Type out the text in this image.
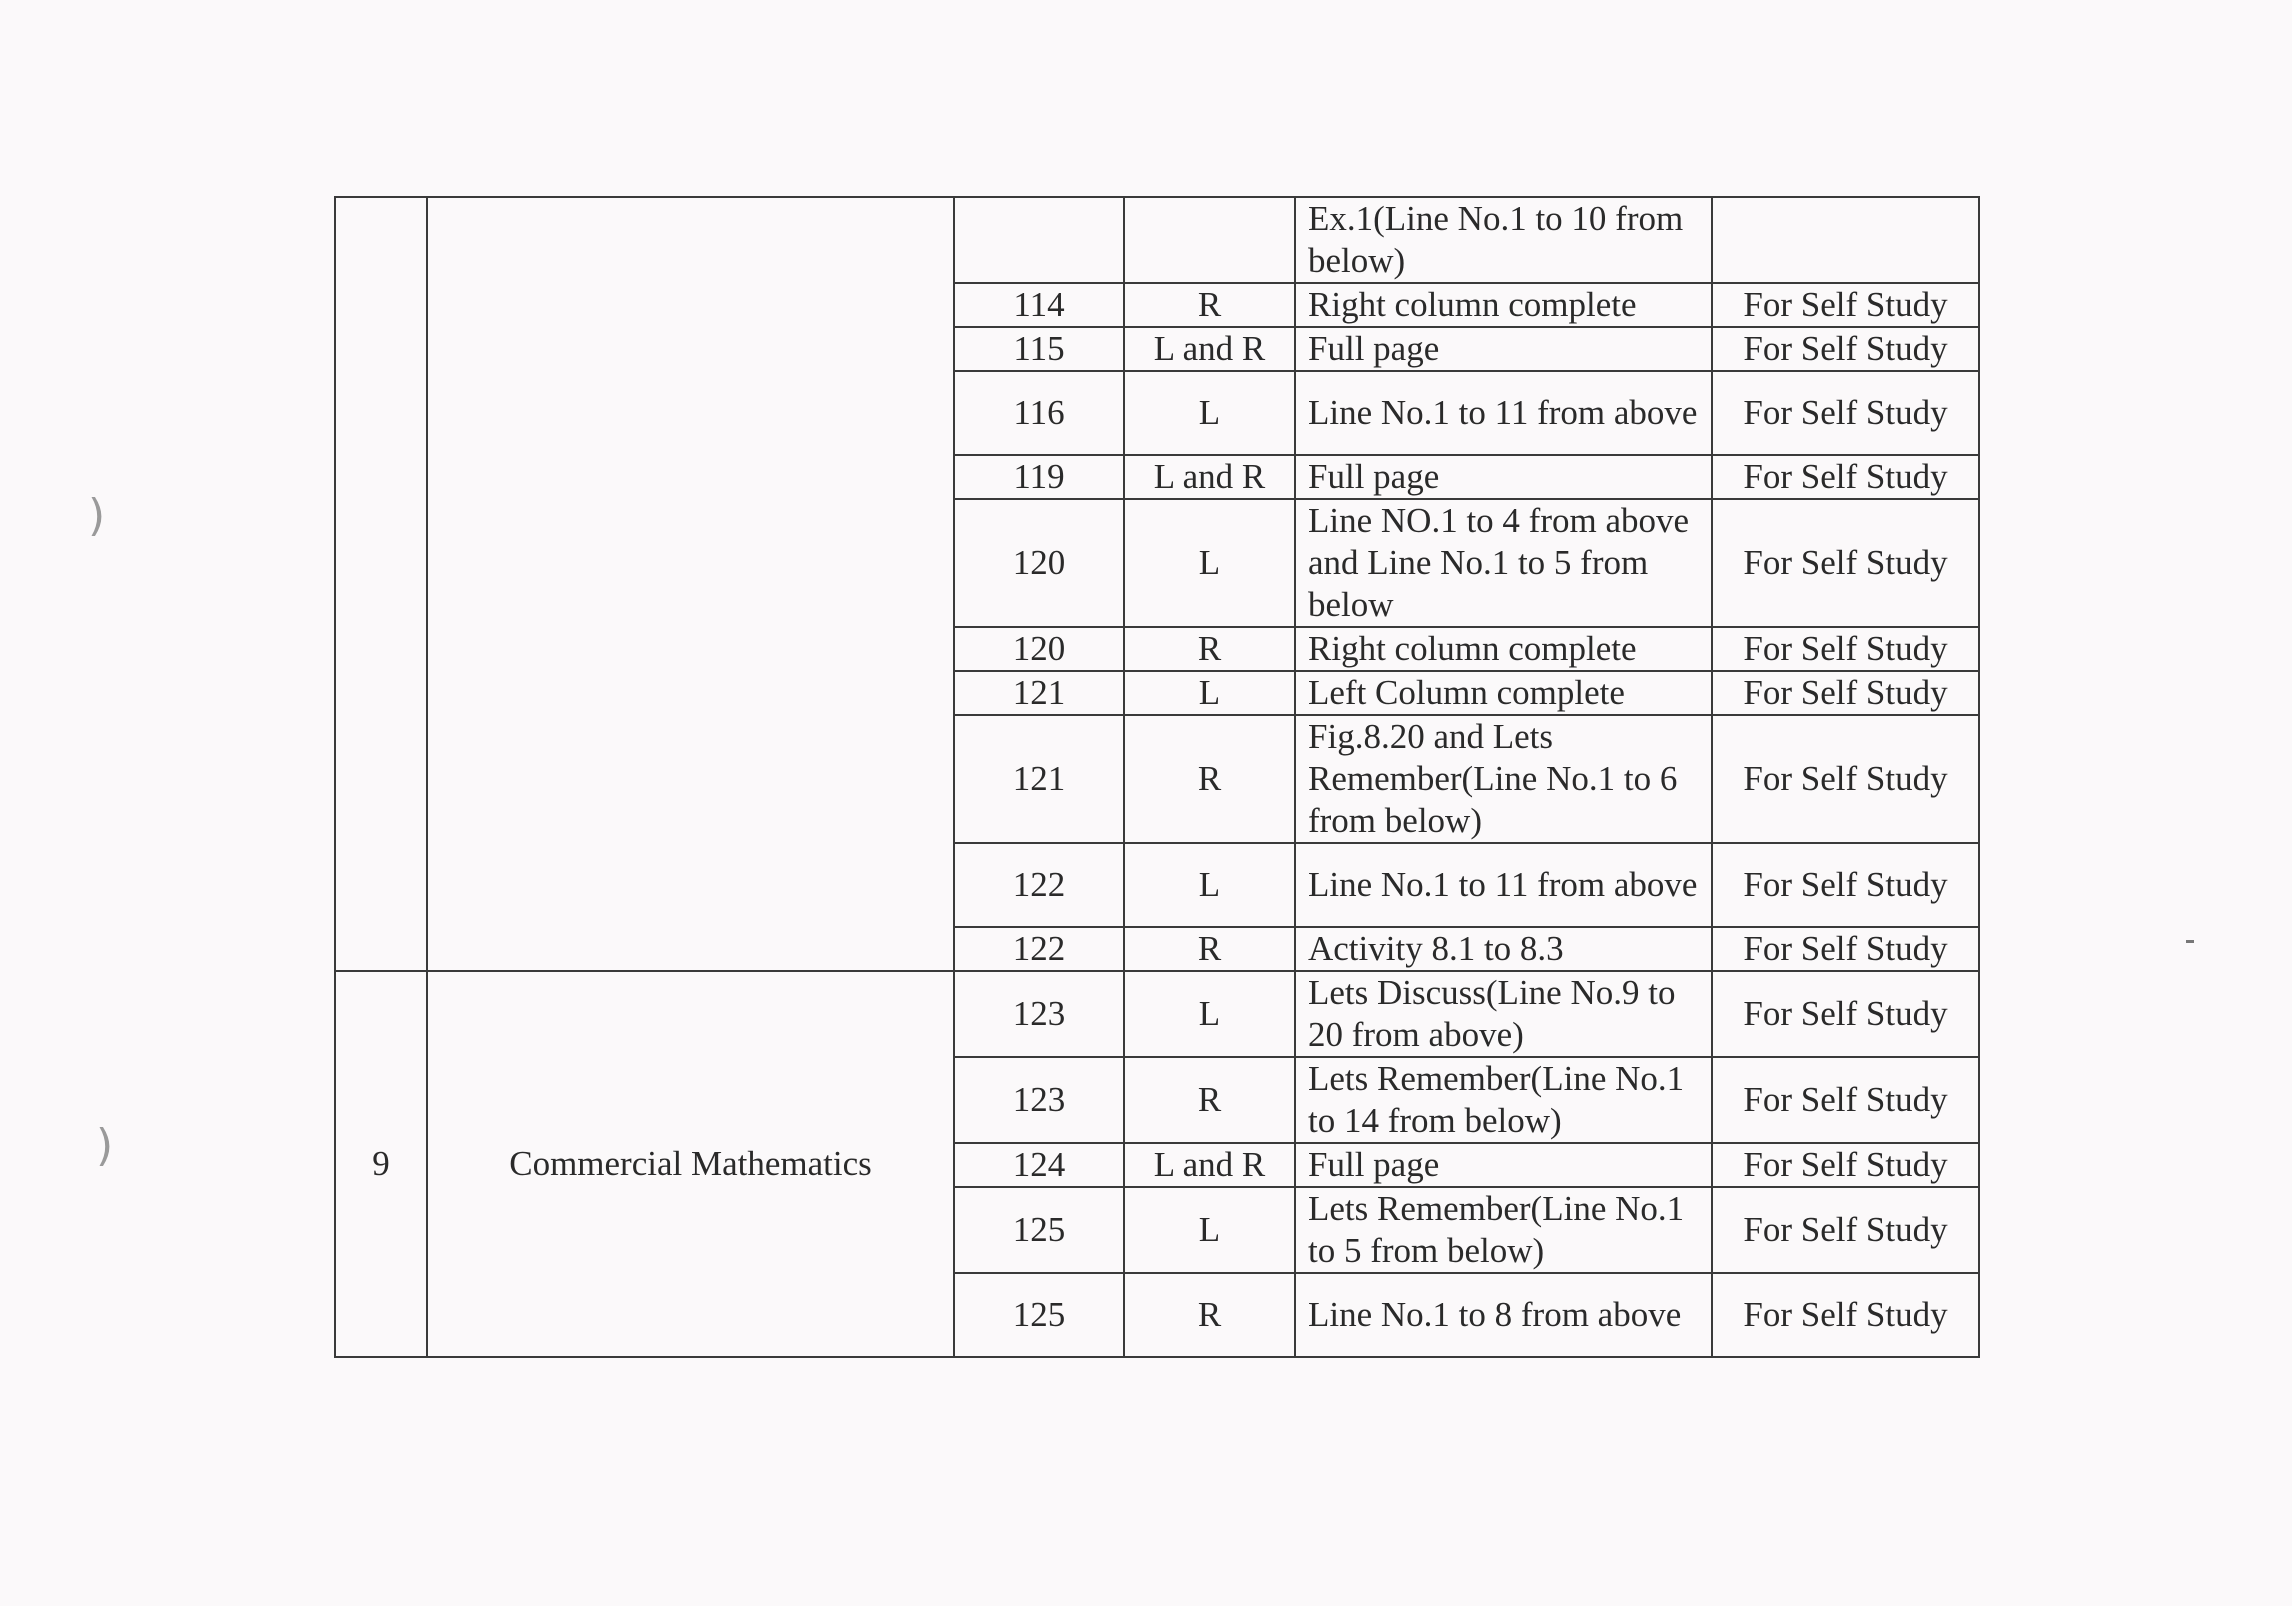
)
)
				Ex.1(Line No.1 to 10 from below)	
		114	R	Right column complete	For Self Study
		115	L and R	Full page	For Self Study
		116	L	Line No.1 to 11 from above	For Self Study
		119	L and R	Full page	For Self Study
		120	L	Line NO.1 to 4 from above and Line No.1 to 5 from below	For Self Study
		120	R	Right column complete	For Self Study
		121	L	Left Column complete	For Self Study
		121	R	Fig.8.20 and Lets Remember(Line No.1 to 6 from below)	For Self Study
		122	L	Line No.1 to 11 from above	For Self Study
		122	R	Activity 8.1 to 8.3	For Self Study
9	Commercial Mathematics	123	L	Lets Discuss(Line No.9 to 20 from above)	For Self Study
		123	R	Lets Remember(Line No.1 to 14 from below)	For Self Study
		124	L and R	Full page	For Self Study
		125	L	Lets Remember(Line No.1 to 5 from below)	For Self Study
		125	R	Line No.1 to 8 from above	For Self Study
